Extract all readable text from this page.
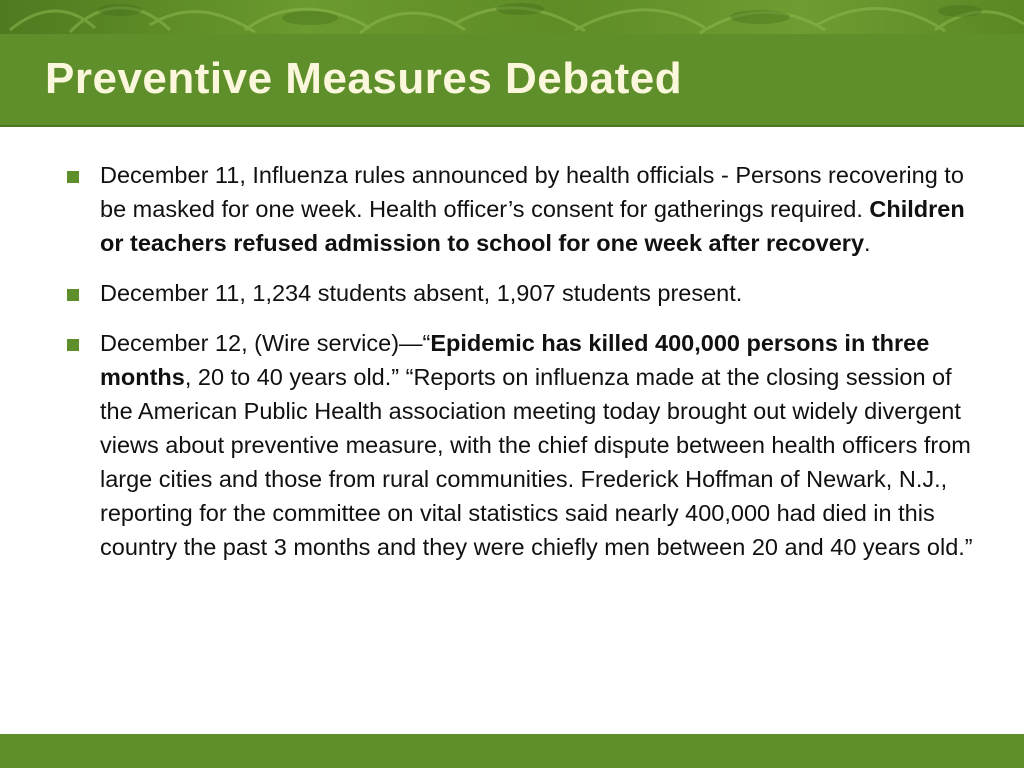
Preventive Measures Debated
December 11, Influenza rules announced by health officials - Persons recovering to be masked for one week. Health officer’s consent for gatherings required. Children or teachers refused admission to school for one week after recovery.
December 11, 1,234 students absent, 1,907 students present.
December 12, (Wire service)—“Epidemic has killed 400,000 persons in three months, 20 to 40 years old.” “Reports on influenza made at the closing session of the American Public Health association meeting today brought out widely divergent views about preventive measure, with the chief dispute between health officers from large cities and those from rural communities. Frederick Hoffman of Newark, N.J., reporting for the committee on vital statistics said nearly 400,000 had died in this country the past 3 months and they were chiefly men between 20 and 40 years old.”
